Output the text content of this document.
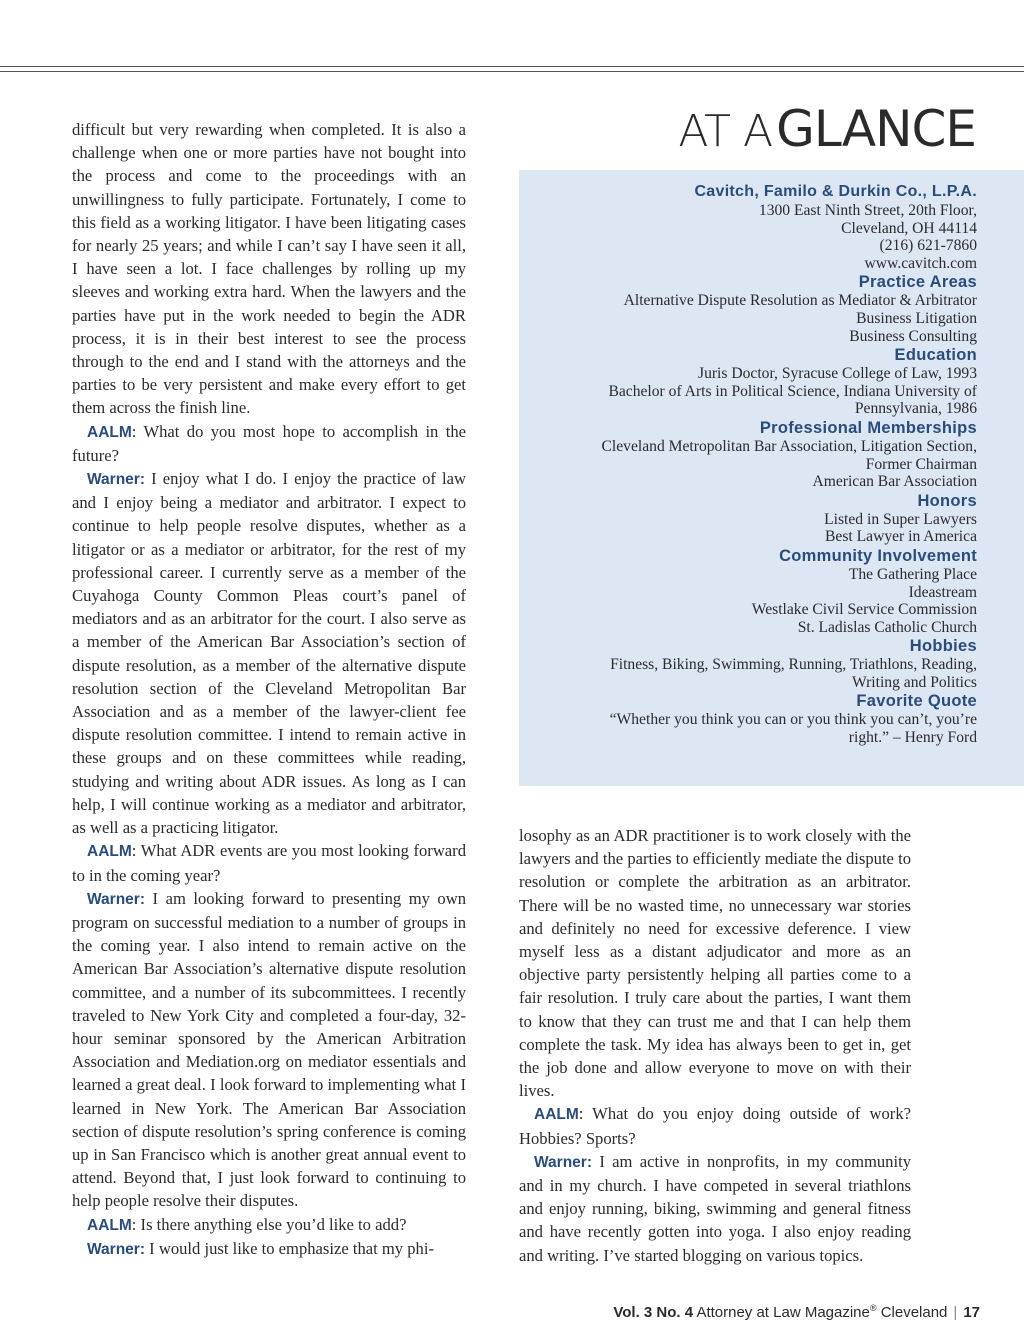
difficult but very rewarding when completed. It is also a challenge when one or more parties have not bought into the process and come to the proceedings with an unwillingness to fully participate. Fortunately, I come to this field as a working litigator. I have been litigating cases for nearly 25 years; and while I can’t say I have seen it all, I have seen a lot. I face challenges by rolling up my sleeves and working extra hard. When the lawyers and the parties have put in the work needed to begin the ADR process, it is in their best interest to see the process through to the end and I stand with the attorneys and the parties to be very persistent and make every effort to get them across the finish line.

AALM: What do you most hope to accomplish in the future?

Warner: I enjoy what I do. I enjoy the practice of law and I enjoy being a mediator and arbitrator. I expect to continue to help people resolve disputes, whether as a litigator or as a mediator or arbitrator, for the rest of my professional career. I currently serve as a member of the Cuyahoga County Common Pleas court’s panel of mediators and as an arbitrator for the court. I also serve as a member of the American Bar Association’s section of dispute resolution, as a member of the alternative dispute resolution section of the Cleveland Metropolitan Bar Association and as a member of the lawyer-client fee dispute resolution committee. I intend to remain active in these groups and on these committees while reading, studying and writing about ADR issues. As long as I can help, I will continue working as a mediator and arbitrator, as well as a practicing litigator.

AALM: What ADR events are you most looking forward to in the coming year?

Warner: I am looking forward to presenting my own program on successful mediation to a number of groups in the coming year. I also intend to remain active on the American Bar Association’s alternative dispute resolution committee, and a number of its subcommittees. I recently traveled to New York City and completed a four-day, 32-hour seminar sponsored by the American Arbitration Association and Mediation.org on mediator essentials and learned a great deal. I look forward to implementing what I learned in New York. The American Bar Association section of dispute resolution’s spring conference is coming up in San Francisco which is another great annual event to attend. Beyond that, I just look forward to continuing to help people resolve their disputes.

AALM: Is there anything else you’d like to add?

Warner: I would just like to emphasize that my phi-

AT A GLANCE
Cavitch, Familo & Durkin Co., L.P.A.
1300 East Ninth Street, 20th Floor,
Cleveland, OH 44114
(216) 621-7860
www.cavitch.com
Practice Areas
Alternative Dispute Resolution as Mediator & Arbitrator
Business Litigation
Business Consulting
Education
Juris Doctor, Syracuse College of Law, 1993
Bachelor of Arts in Political Science, Indiana University of
Pennsylvania, 1986
Professional Memberships
Cleveland Metropolitan Bar Association, Litigation Section,
Former Chairman
American Bar Association
Honors
Listed in Super Lawyers
Best Lawyer in America
Community Involvement
The Gathering Place
Ideastream
Westlake Civil Service Commission
St. Ladislas Catholic Church
Hobbies
Fitness, Biking, Swimming, Running, Triathlons, Reading,
Writing and Politics
Favorite Quote
“Whether you think you can or you think you can’t, you’re
right.” – Henry Ford

losophy as an ADR practitioner is to work closely with the lawyers and the parties to efficiently mediate the dispute to resolution or complete the arbitration as an arbitrator. There will be no wasted time, no unnecessary war stories and definitely no need for excessive deference. I view myself less as a distant adjudicator and more as an objective party persistently helping all parties come to a fair resolution. I truly care about the parties, I want them to know that they can trust me and that I can help them complete the task. My idea has always been to get in, get the job done and allow everyone to move on with their lives.

AALM: What do you enjoy doing outside of work? Hobbies? Sports?

Warner: I am active in nonprofits, in my community and in my church. I have competed in several triathlons and enjoy running, biking, swimming and general fitness and have recently gotten into yoga. I also enjoy reading and writing. I’ve started blogging on various topics.

Vol. 3 No. 4 Attorney at Law Magazine® Cleveland | 17
